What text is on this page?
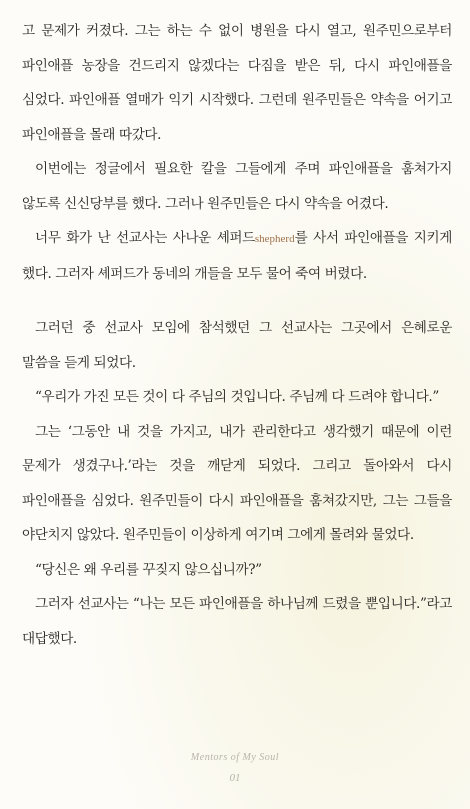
고 문제가 커졌다. 그는 하는 수 없이 병원을 다시 열고, 원주민으로부터 파인애플 농장을 건드리지 않겠다는 다짐을 받은 뒤, 다시 파인애플을 심었다. 파인애플 열매가 익기 시작했다. 그런데 원주민들은 약속을 어기고 파인애플을 몰래 따갔다.

이번에는 정글에서 필요한 칼을 그들에게 주며 파인애플을 훔쳐가지 않도록 신신당부를 했다. 그러나 원주민들은 다시 약속을 어겼다.

너무 화가 난 선교사는 사나운 셰퍼드shepherd를 사서 파인애플을 지키게 했다. 그러자 셰퍼드가 동네의 개들을 모두 물어 죽여 버렸다.

그러던 중 선교사 모임에 참석했던 그 선교사는 그곳에서 은혜로운 말씀을 듣게 되었다.

“우리가 가진 모든 것이 다 주님의 것입니다. 주님께 다 드려야 합니다.”

그는 ‘그동안 내 것을 가지고, 내가 관리한다고 생각했기 때문에 이런 문제가 생겼구나.’라는 것을 깨닫게 되었다. 그리고 돌아와서 다시 파인애플을 심었다. 원주민들이 다시 파인애플을 훔쳐갔지만, 그는 그들을 야단치지 않았다. 원주민들이 이상하게 여기며 그에게 몰려와 물었다.

“당신은 왜 우리를 꾸짖지 않으십니까?”

그러자 선교사는 “나는 모든 파인애플을 하나님께 드렸을 뿐입니다.”라고 대답했다.

Mentors of My Soul
01
